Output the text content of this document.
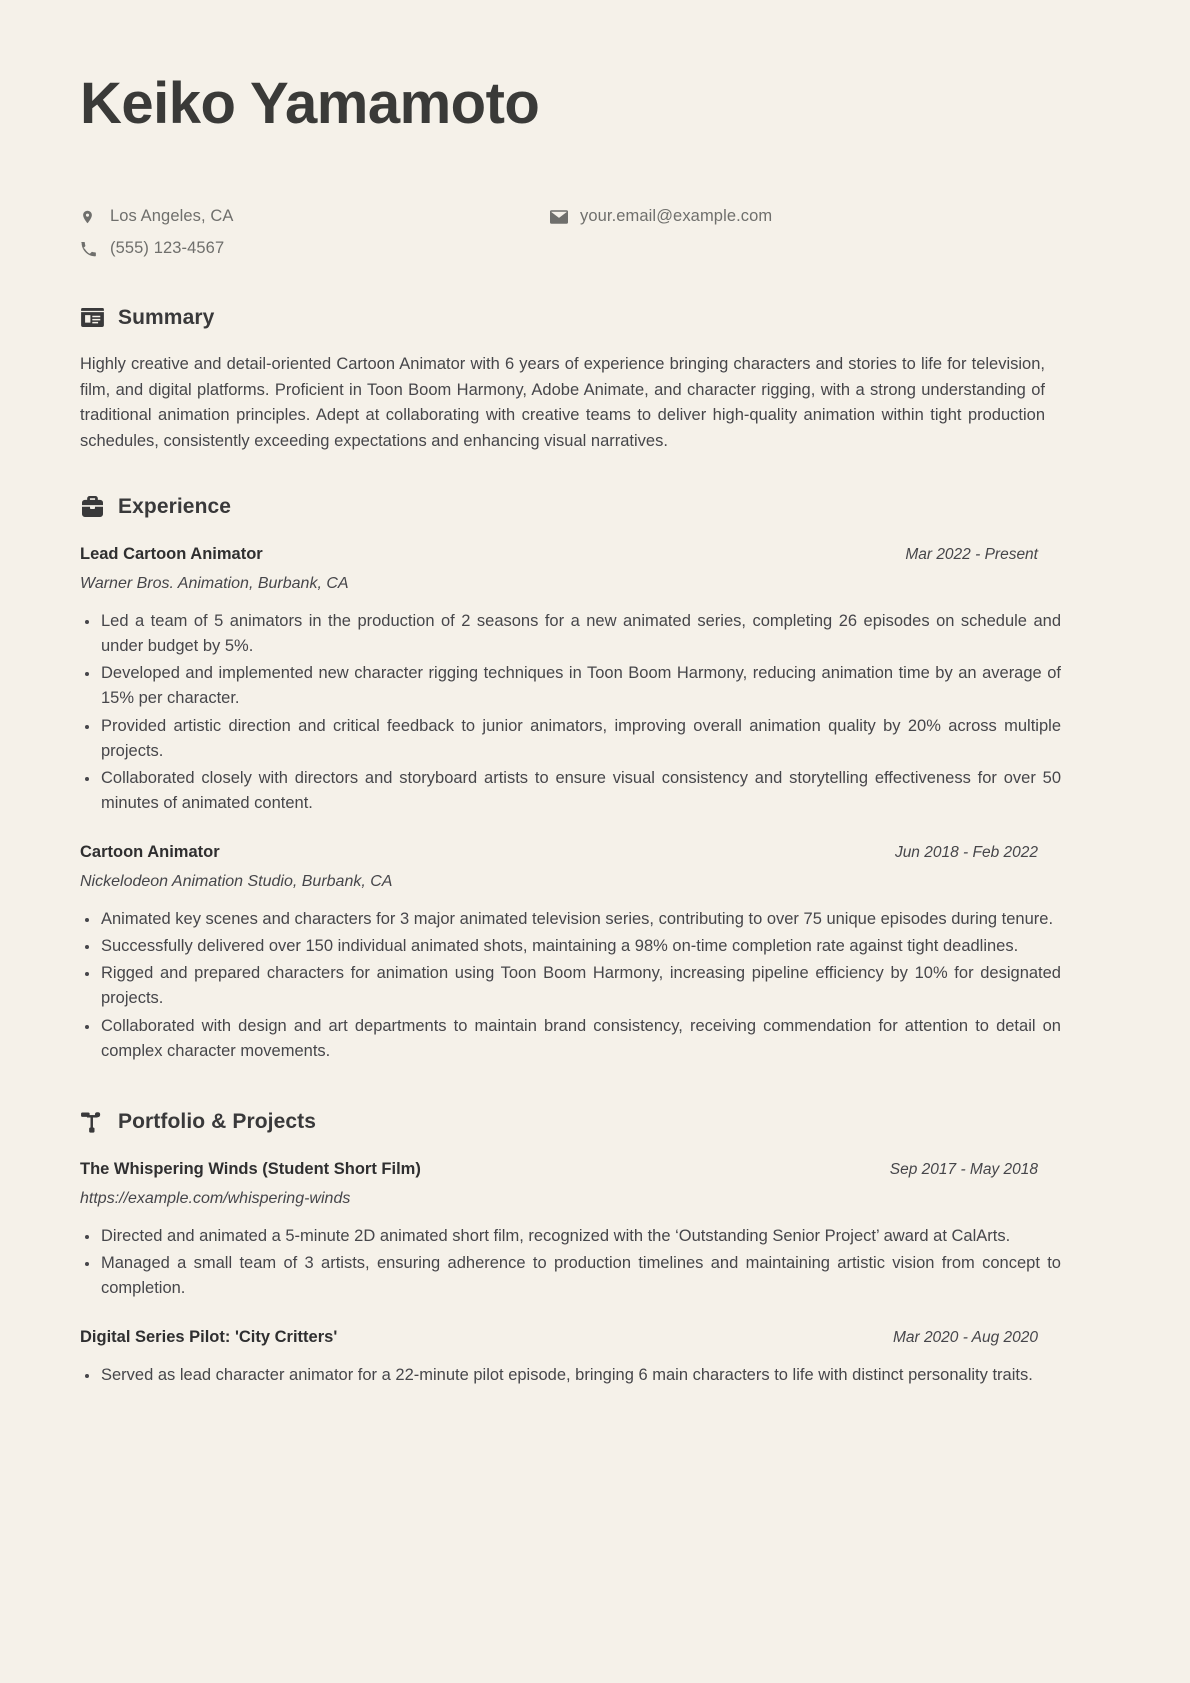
Keiko Yamamoto
Los Angeles, CA
(555) 123-4567
your.email@example.com
Summary

Highly creative and detail-oriented Cartoon Animator with 6 years of experience bringing characters and stories to life for television, film, and digital platforms. Proficient in Toon Boom Harmony, Adobe Animate, and character rigging, with a strong understanding of traditional animation principles. Adept at collaborating with creative teams to deliver high-quality animation within tight production schedules, consistently exceeding expectations and enhancing visual narratives.

Experience
Lead Cartoon Animator	Mar 2022 - Present
Warner Bros. Animation, Burbank, CA
Led a team of 5 animators in the production of 2 seasons for a new animated series, completing 26 episodes on schedule and under budget by 5%.
Developed and implemented new character rigging techniques in Toon Boom Harmony, reducing animation time by an average of 15% per character.
Provided artistic direction and critical feedback to junior animators, improving overall animation quality by 20% across multiple projects.
Collaborated closely with directors and storyboard artists to ensure visual consistency and storytelling effectiveness for over 50 minutes of animated content.
Cartoon Animator	Jun 2018 - Feb 2022
Nickelodeon Animation Studio, Burbank, CA
Animated key scenes and characters for 3 major animated television series, contributing to over 75 unique episodes during tenure.
Successfully delivered over 150 individual animated shots, maintaining a 98% on-time completion rate against tight deadlines.
Rigged and prepared characters for animation using Toon Boom Harmony, increasing pipeline efficiency by 10% for designated projects.
Collaborated with design and art departments to maintain brand consistency, receiving commendation for attention to detail on complex character movements.
Portfolio & Projects
The Whispering Winds (Student Short Film)	Sep 2017 - May 2018
https://example.com/whispering-winds
Directed and animated a 5-minute 2D animated short film, recognized with the ‘Outstanding Senior Project’ award at CalArts.
Managed a small team of 3 artists, ensuring adherence to production timelines and maintaining artistic vision from concept to completion.
Digital Series Pilot: 'City Critters'	Mar 2020 - Aug 2020
Served as lead character animator for a 22-minute pilot episode, bringing 6 main characters to life with distinct personality traits.
